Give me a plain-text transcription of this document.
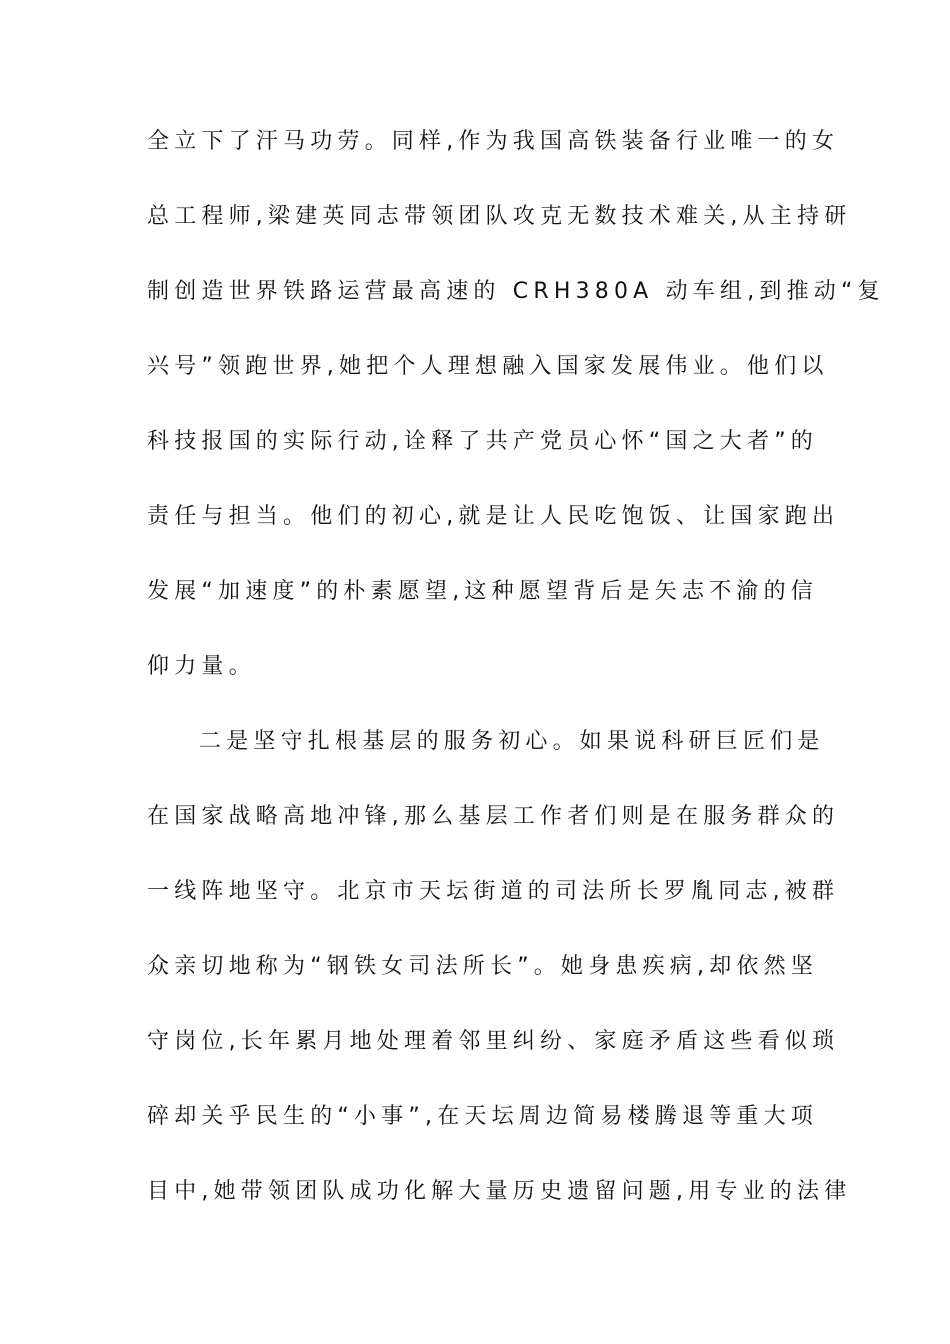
全立下了汗马功劳。同样,作为我国高铁装备行业唯一的女
总工程师,梁建英同志带领团队攻克无数技术难关,从主持研
制创造世界铁路运营最高速的 CRH380A 动车组,到推动“复
兴号”领跑世界,她把个人理想融入国家发展伟业。他们以
科技报国的实际行动,诠释了共产党员心怀“国之大者”的
责任与担当。他们的初心,就是让人民吃饱饭、让国家跑出
发展“加速度”的朴素愿望,这种愿望背后是矢志不渝的信
仰力量。
二是坚守扎根基层的服务初心。如果说科研巨匠们是
在国家战略高地冲锋,那么基层工作者们则是在服务群众的
一线阵地坚守。北京市天坛街道的司法所长罗胤同志,被群
众亲切地称为“钢铁女司法所长”。她身患疾病,却依然坚
守岗位,长年累月地处理着邻里纠纷、家庭矛盾这些看似琐
碎却关乎民生的“小事”,在天坛周边简易楼腾退等重大项
目中,她带领团队成功化解大量历史遗留问题,用专业的法律
